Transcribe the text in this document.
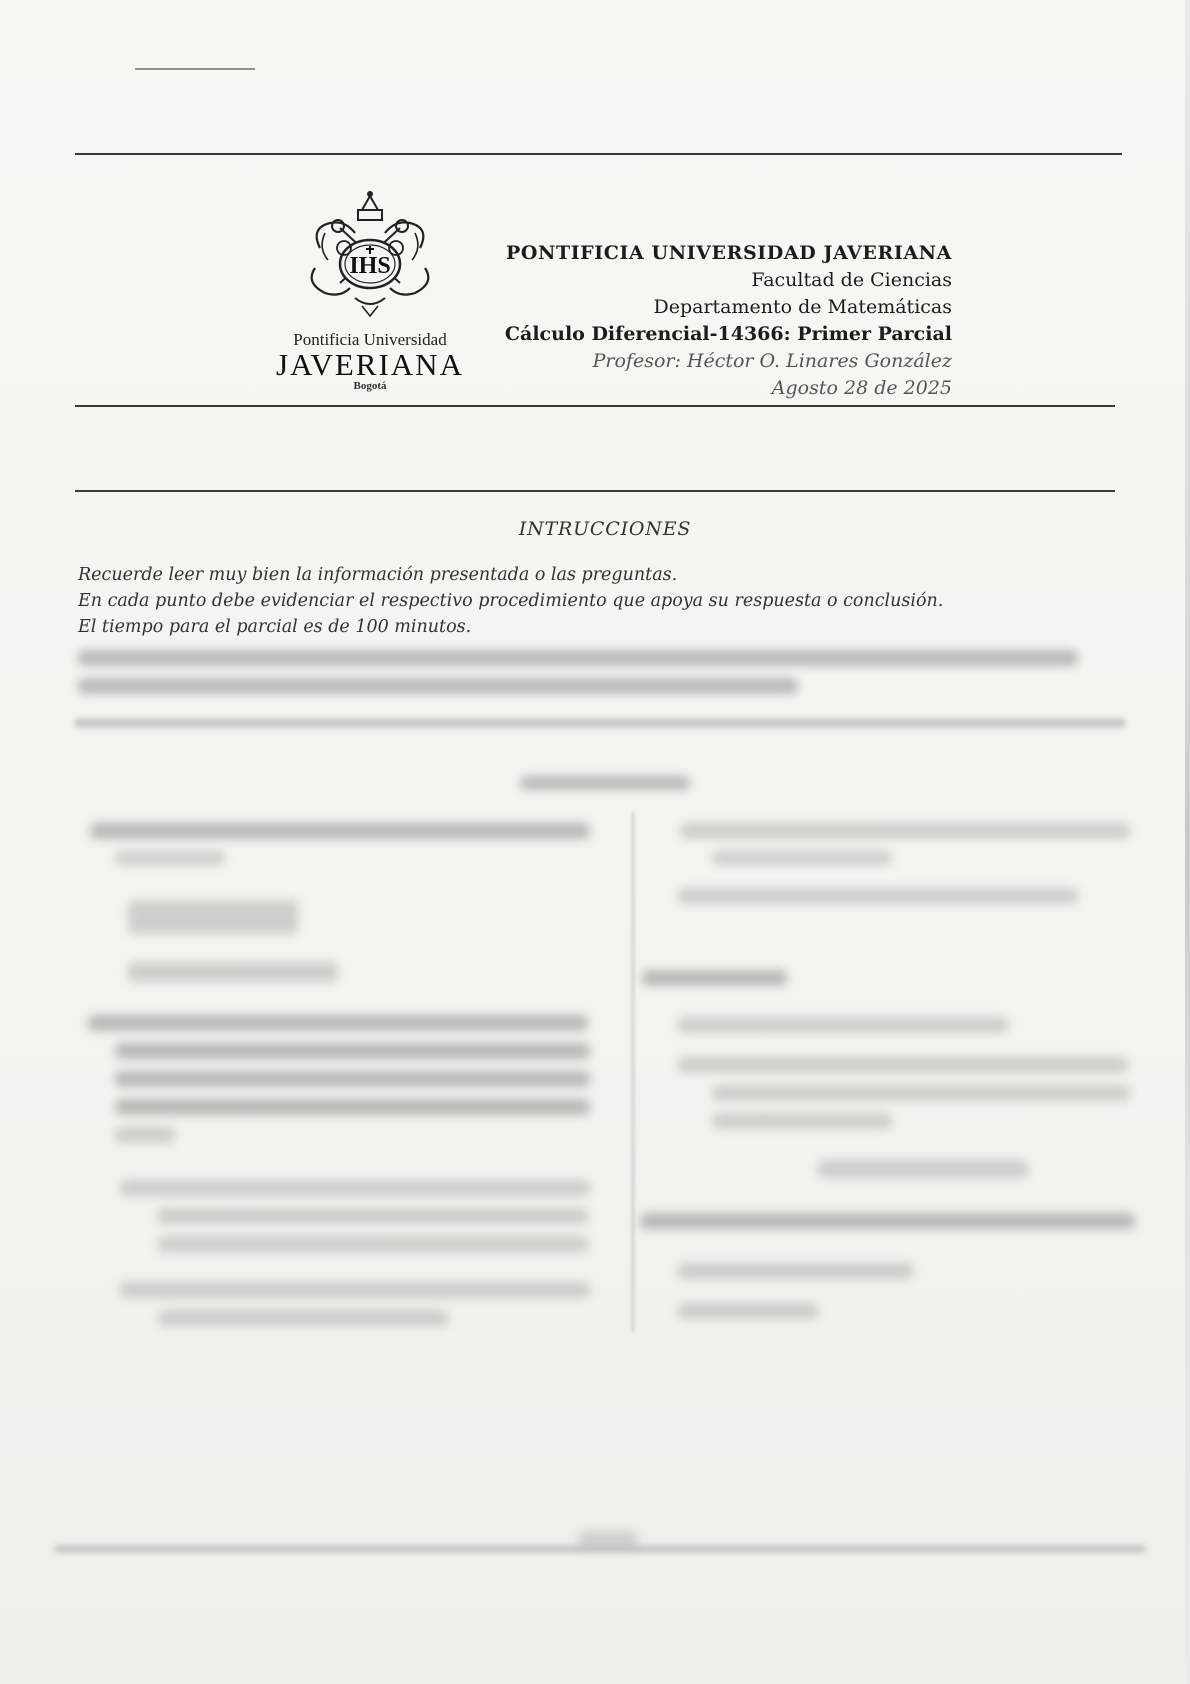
IHS
Pontificia Universidad
JAVERIANA
Bogotá
PONTIFICIA UNIVERSIDAD JAVERIANA
Facultad de Ciencias
Departamento de Matemáticas
Cálculo Diferencial-14366: Primer Parcial
Profesor: Héctor O. Linares González
Agosto 28 de 2025
INTRUCCIONES
Recuerde leer muy bien la información presentada o las preguntas.
En cada punto debe evidenciar el respectivo procedimiento que apoya su respuesta o conclusión.
El tiempo para el parcial es de 100 minutos.
